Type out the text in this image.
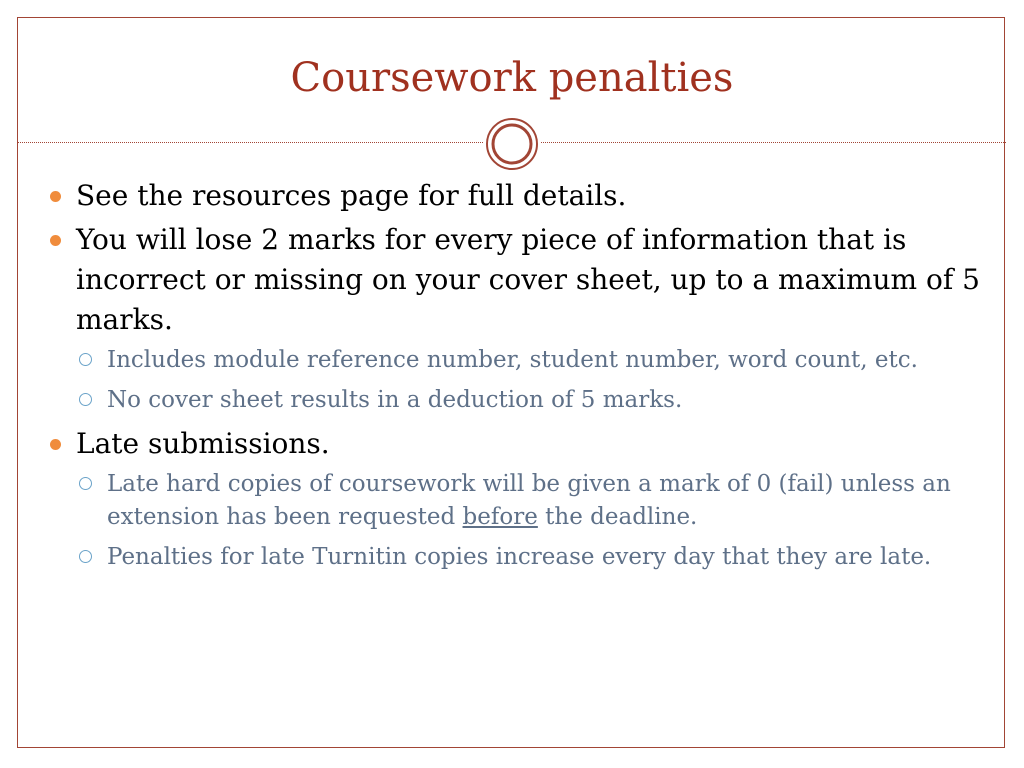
Coursework penalties
See the resources page for full details.
You will lose 2 marks for every piece of information that is incorrect or missing on your cover sheet, up to a maximum of 5 marks.
Includes module reference number, student number, word count, etc.
No cover sheet results in a deduction of 5 marks.
Late submissions.
Late hard copies of coursework will be given a mark of 0 (fail) unless an extension has been requested before the deadline.
Penalties for late Turnitin copies increase every day that they are late.
